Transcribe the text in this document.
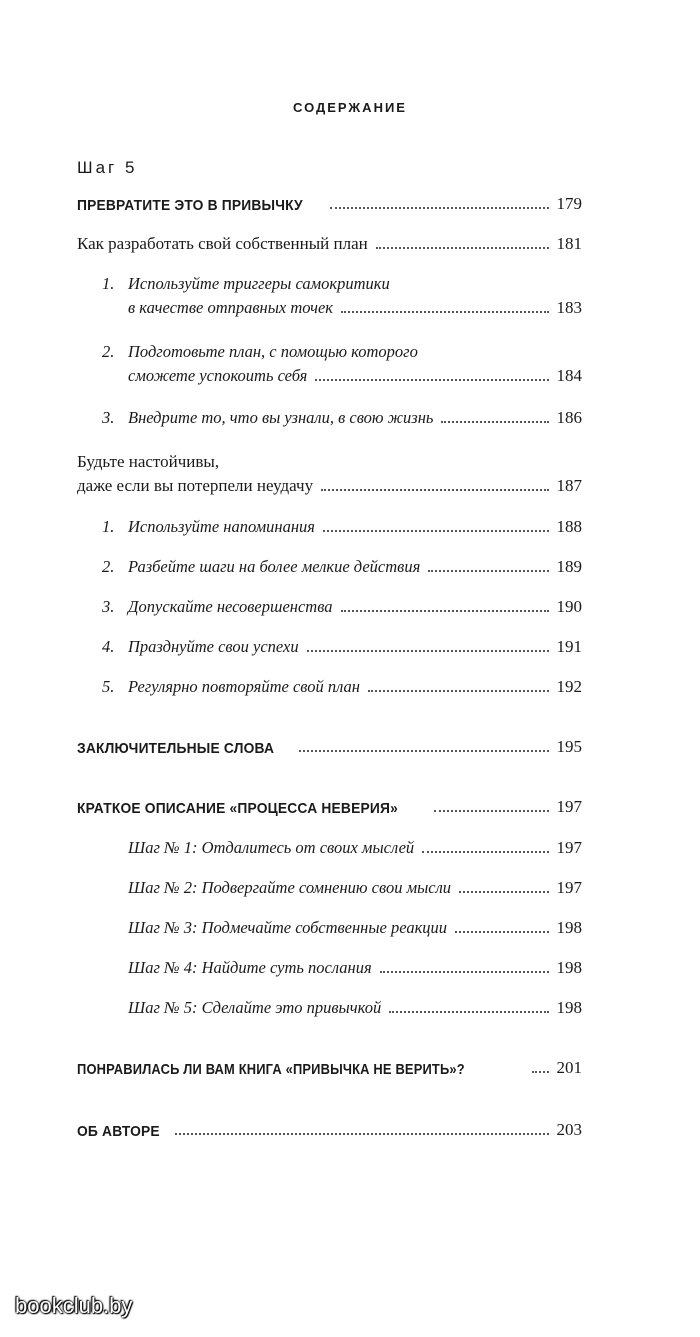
СОДЕРЖАНИЕ
Шаг 5
ПРЕВРАТИТЕ ЭТО В ПРИВЫЧКУ	179
Как разработать свой собственный план	181
1. Используйте триггеры самокритики
в качестве отправных точек	183
2. Подготовьте план, с помощью которого
сможете успокоить себя	184
3. Внедрите то, что вы узнали, в свою жизнь	186
Будьте настойчивы,
даже если вы потерпели неудачу	187
1. Используйте напоминания	188
2. Разбейте шаги на более мелкие действия	189
3. Допускайте несовершенства	190
4. Празднуйте свои успехи	191
5. Регулярно повторяйте свой план	192
ЗАКЛЮЧИТЕЛЬНЫЕ СЛОВА	195
КРАТКОЕ ОПИСАНИЕ «ПРОЦЕССА НЕВЕРИЯ»	197
Шаг № 1: Отдалитесь от своих мыслей	197
Шаг № 2: Подвергайте сомнению свои мысли	197
Шаг № 3: Подмечайте собственные реакции	198
Шаг № 4: Найдите суть послания	198
Шаг № 5: Сделайте это привычкой	198
ПОНРАВИЛАСЬ ЛИ ВАМ КНИГА «ПРИВЫЧКА НЕ ВЕРИТЬ»?	201
ОБ АВТОРЕ	203
bookclub.by
